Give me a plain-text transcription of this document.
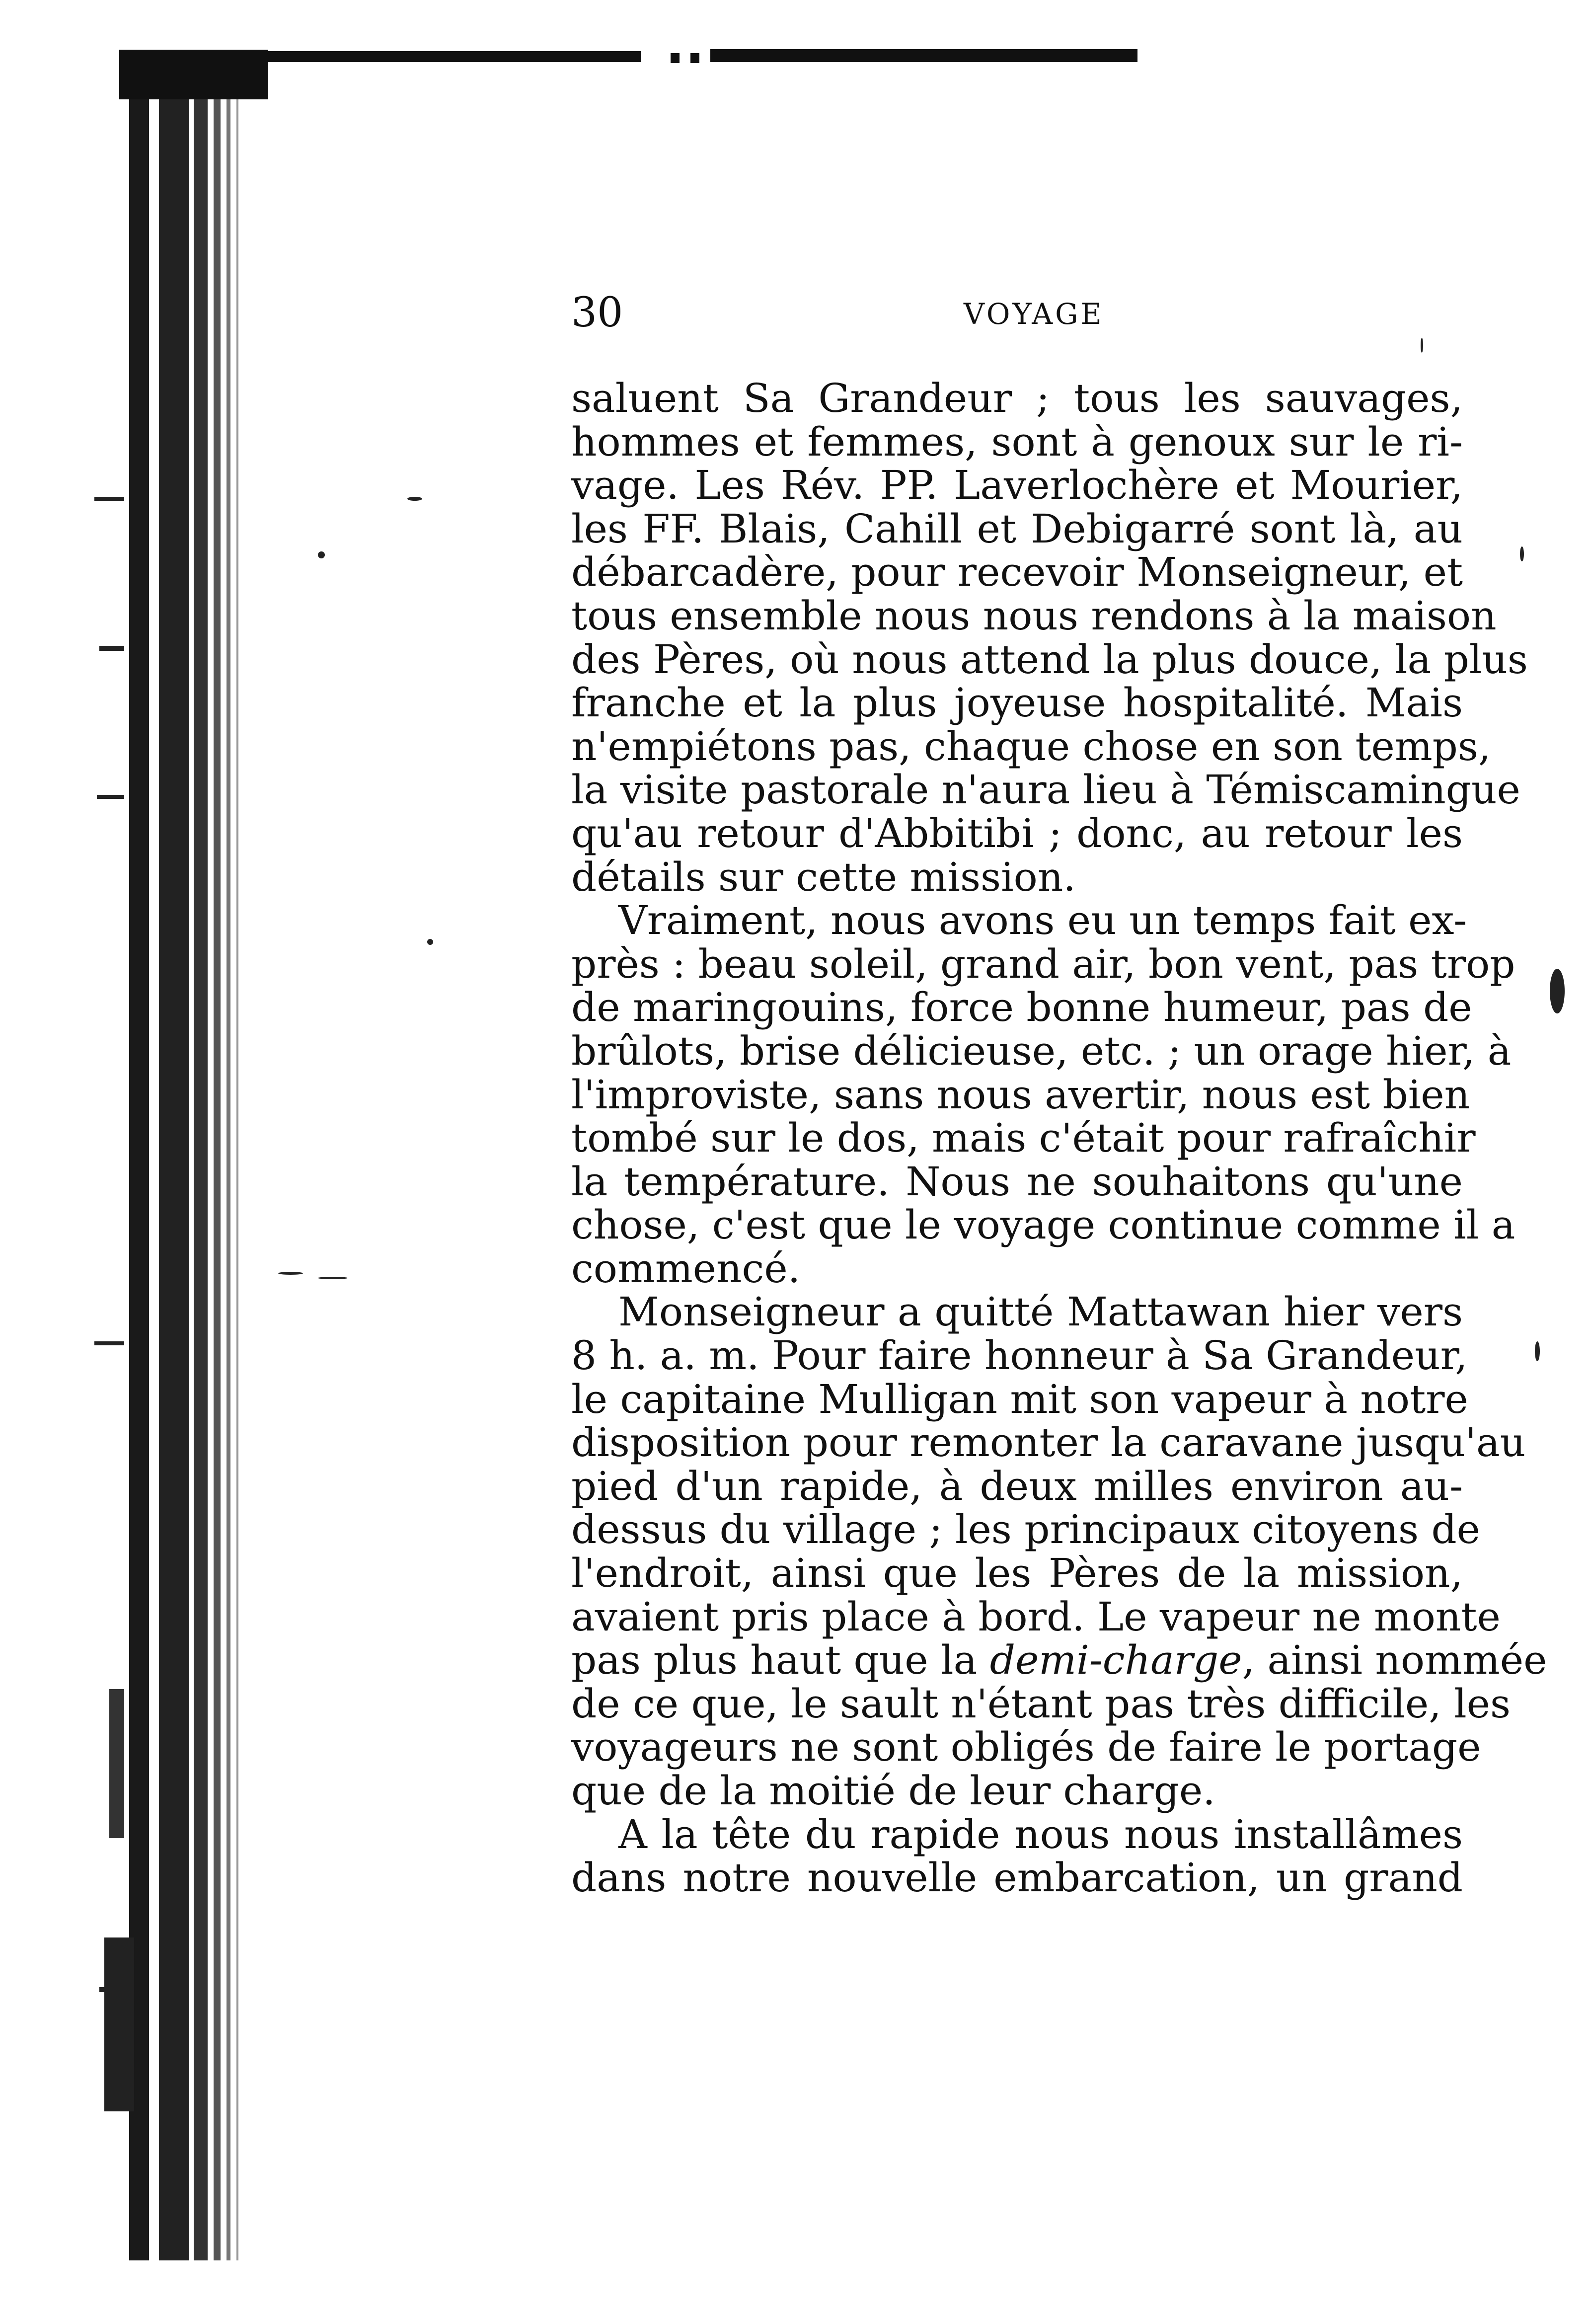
30	VOYAGE
saluent Sa Grandeur ; tous les sauvages,
hommes et femmes, sont à genoux sur le ri-
vage. Les Rév. PP. Laverlochère et Mourier,
les FF. Blais, Cahill et Debigarré sont là, au
débarcadère, pour recevoir Monseigneur, et
tous ensemble nous nous rendons à la maison
des Pères, où nous attend la plus douce, la plus
franche et la plus joyeuse hospitalité. Mais
n'empiétons pas, chaque chose en son temps,
la visite pastorale n'aura lieu à Témiscamingue
qu'au retour d'Abbitibi ; donc, au retour les
détails sur cette mission.
Vraiment, nous avons eu un temps fait ex-
près : beau soleil, grand air, bon vent, pas trop
de maringouins, force bonne humeur, pas de
brûlots, brise délicieuse, etc. ; un orage hier, à
l'improviste, sans nous avertir, nous est bien
tombé sur le dos, mais c'était pour rafraîchir
la température. Nous ne souhaitons qu'une
chose, c'est que le voyage continue comme il a
commencé.
Monseigneur a quitté Mattawan hier vers
8 h. a. m. Pour faire honneur à Sa Grandeur,
le capitaine Mulligan mit son vapeur à notre
disposition pour remonter la caravane jusqu'au
pied d'un rapide, à deux milles environ au-
dessus du village ; les principaux citoyens de
l'endroit, ainsi que les Pères de la mission,
avaient pris place à bord. Le vapeur ne monte
pas plus haut que la demi-charge, ainsi nommée
de ce que, le sault n'étant pas très difficile, les
voyageurs ne sont obligés de faire le portage
que de la moitié de leur charge.
A la tête du rapide nous nous installâmes
dans notre nouvelle embarcation, un grand
